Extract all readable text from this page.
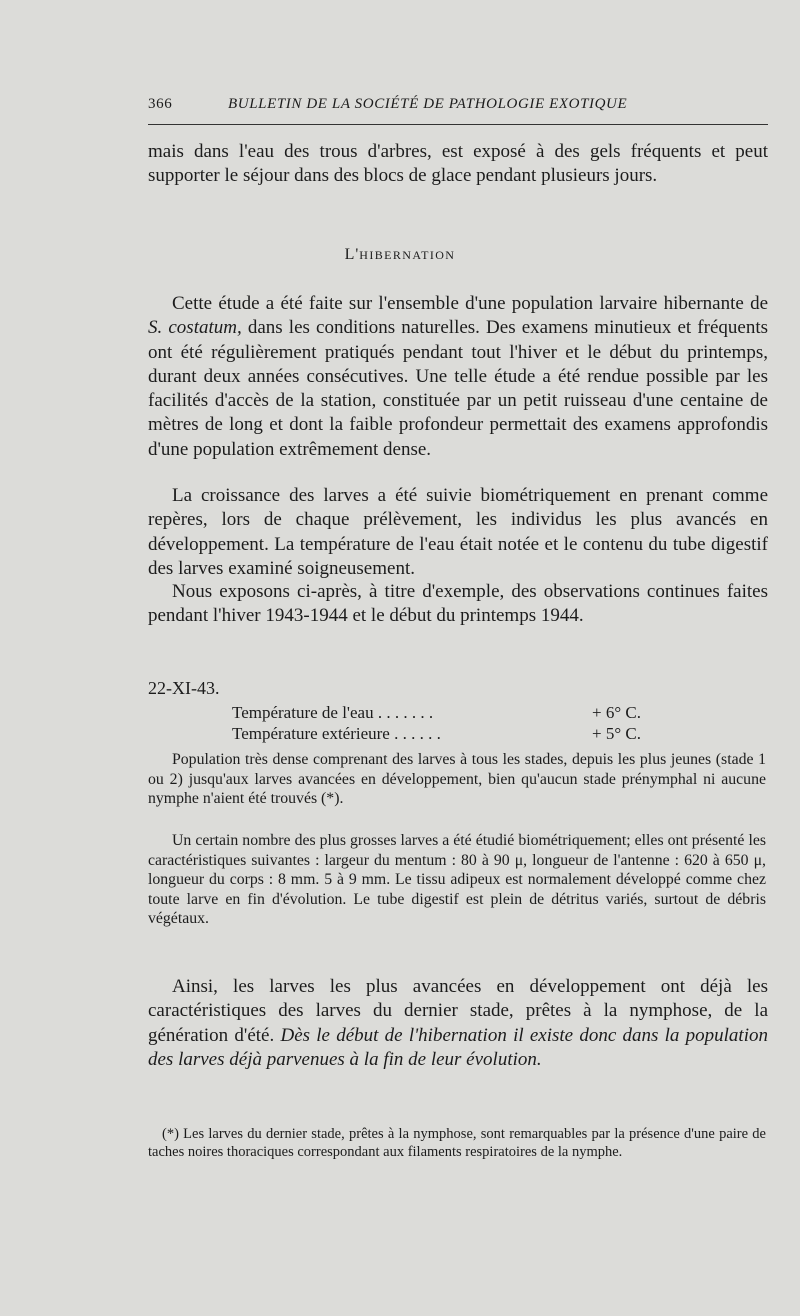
366	BULLETIN DE LA SOCIÉTÉ DE PATHOLOGIE EXOTIQUE
mais dans l'eau des trous d'arbres, est exposé à des gels fréquents et peut supporter le séjour dans des blocs de glace pendant plusieurs jours.
L'HIBERNATION
Cette étude a été faite sur l'ensemble d'une population larvaire hibernante de S. costatum, dans les conditions naturelles. Des examens minutieux et fréquents ont été régulièrement pratiqués pendant tout l'hiver et le début du printemps, durant deux années consécutives. Une telle étude a été rendue possible par les facilités d'accès de la station, constituée par un petit ruisseau d'une centaine de mètres de long et dont la faible profondeur permettait des examens approfondis d'une population extrêmement dense.
La croissance des larves a été suivie biométriquement en prenant comme repères, lors de chaque prélèvement, les individus les plus avancés en développement. La température de l'eau était notée et le contenu du tube digestif des larves examiné soigneusement.
Nous exposons ci-après, à titre d'exemple, des observations continues faites pendant l'hiver 1943-1944 et le début du printemps 1944.
22-XI-43.
Température de l'eau . . . . . . .	+ 6° C.
Température extérieure . . . . . .	+ 5° C.
Population très dense comprenant des larves à tous les stades, depuis les plus jeunes (stade 1 ou 2) jusqu'aux larves avancées en développement, bien qu'aucun stade prénymphal ni aucune nymphe n'aient été trouvés (*).
Un certain nombre des plus grosses larves a été étudié biométriquement; elles ont présenté les caractéristiques suivantes : largeur du mentum : 80 à 90 μ, longueur de l'antenne : 620 à 650 μ, longueur du corps : 8 mm. 5 à 9 mm. Le tissu adipeux est normalement développé comme chez toute larve en fin d'évolution. Le tube digestif est plein de détritus variés, surtout de débris végétaux.
Ainsi, les larves les plus avancées en développement ont déjà les caractéristiques des larves du dernier stade, prêtes à la nymphose, de la génération d'été. Dès le début de l'hibernation il existe donc dans la population des larves déjà parvenues à la fin de leur évolution.
(*) Les larves du dernier stade, prêtes à la nymphose, sont remarquables par la présence d'une paire de taches noires thoraciques correspondant aux filaments respiratoires de la nymphe.
